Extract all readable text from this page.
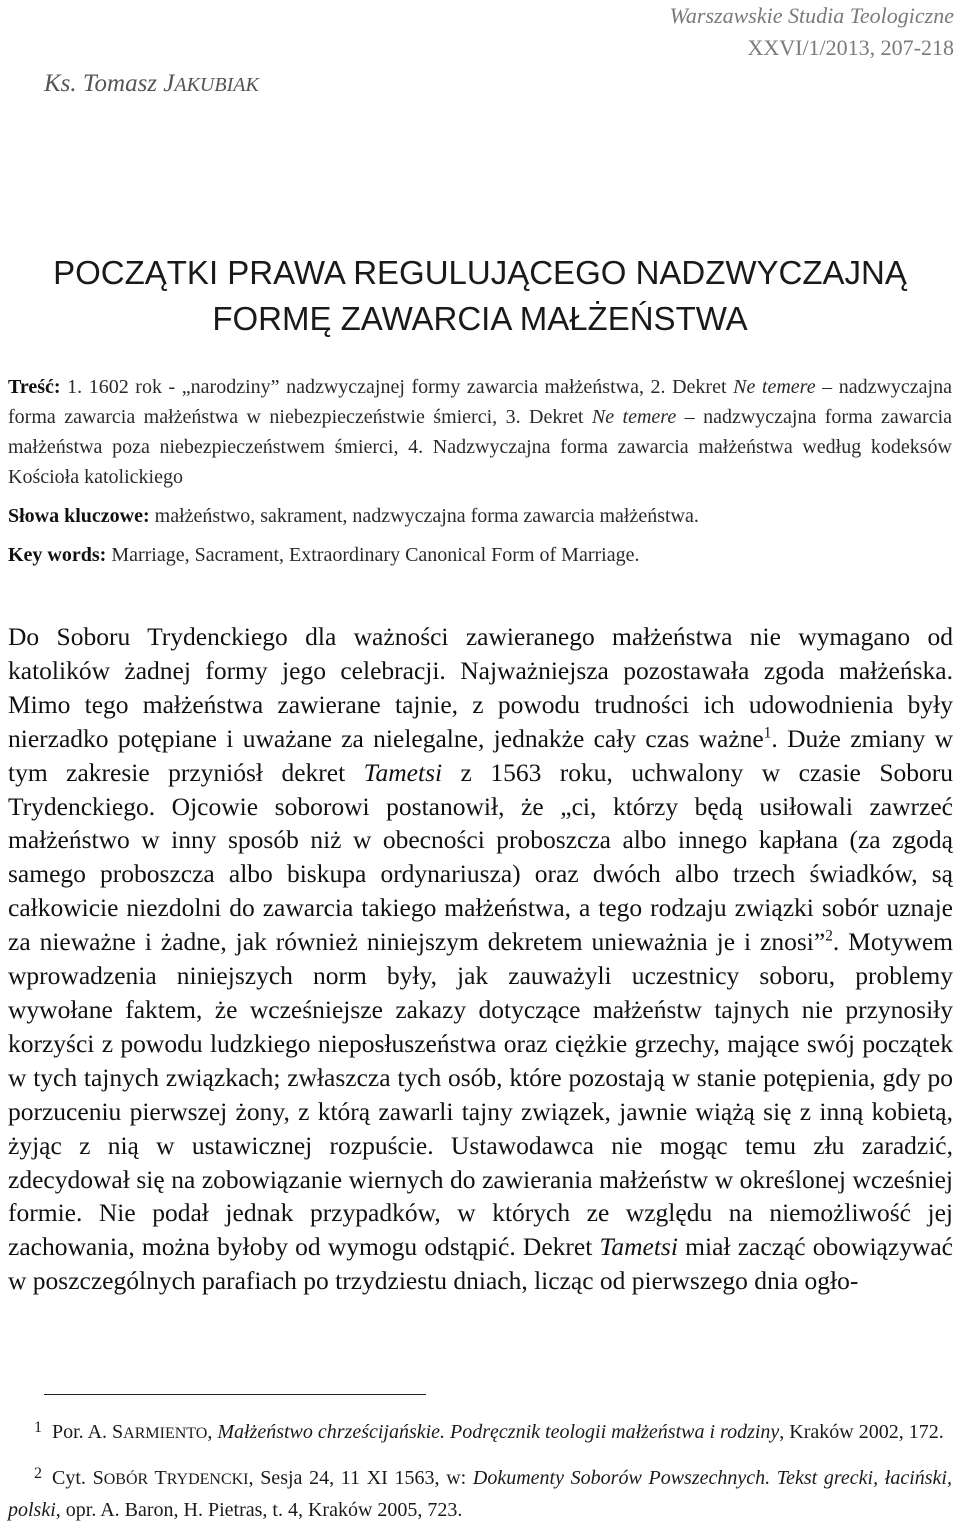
Warszawskie Studia Teologiczne
XXVI/1/2013, 207-218
Ks. Tomasz JAKUBIAK
POCZĄTKI PRAWA REGULUJĄCEGO NADZWYCZAJNĄ
FORMĘ ZAWARCIA MAŁŻEŃSTWA
Treść: 1. 1602 rok - „narodziny” nadzwyczajnej formy zawarcia małżeństwa, 2. Dekret Ne temere – nadzwyczajna forma zawarcia małżeństwa w niebezpieczeństwie śmierci, 3. Dekret Ne temere – nadzwyczajna forma zawarcia małżeństwa poza niebezpieczeństwem śmierci, 4. Nadzwyczajna forma zawarcia małżeństwa według kodeksów Kościoła katolickiego
Słowa kluczowe: małżeństwo, sakrament, nadzwyczajna forma zawarcia małżeństwa.
Key words: Marriage, Sacrament, Extraordinary Canonical Form of Marriage.

Do Soboru Trydenckiego dla ważności zawieranego małżeństwa nie wymagano od katolików żadnej formy jego celebracji. Najważniejsza pozostawała zgoda małżeńska. Mimo tego małżeństwa zawierane tajnie, z powodu trudności ich udowodnienia były nierzadko potępiane i uważane za nielegalne, jednakże cały czas ważne$^1$. Duże zmiany w tym zakresie przyniósł dekret Tametsi z 1563 roku, uchwalony w czasie Soboru Trydenckiego. Ojcowie soborowi postanowił, że „ci, którzy będą usiłowali zawrzeć małżeństwo w inny sposób niż w obecności proboszcza albo innego kapłana (za zgodą samego proboszcza albo biskupa ordynariusza) oraz dwóch albo trzech świadków, są całkowicie niezdolni do zawarcia takiego małżeństwa, a tego rodzaju związki sobór uznaje za nieważne i żadne, jak również niniejszym dekretem unieważnia je i znosi”$^2$. Motywem wprowadzenia niniejszych norm były, jak zauważyli uczestnicy soboru, problemy wywołane faktem, że wcześniejsze zakazy dotyczące małżeństw tajnych nie przynosiły korzyści z powodu ludzkiego nieposłuszeństwa oraz ciężkie grzechy, mające swój początek w tych tajnych związkach; zwłaszcza tych osób, które pozostają w stanie potępienia, gdy po porzuceniu pierwszej żony, z którą zawarli tajny związek, jawnie wiążą się z inną kobietą, żyjąc z nią w ustawicznej rozpuście. Ustawodawca nie mogąc temu złu zaradzić, zdecydował się na zobowiązanie wiernych do zawierania małżeństw w określonej wcześniej formie. Nie podał jednak przypadków, w których ze względu na niemożliwość jej zachowania, można byłoby od wymogu odstąpić. Dekret Tametsi miał zacząć obowiązywać w poszczególnych parafiach po trzydziestu dniach, licząc od pierwszego dnia ogło-

1 Por. A. SARMIENTO, Małżeństwo chrześcijańskie. Podręcznik teologii małżeństwa i rodziny, Kraków 2002, 172.

2 Cyt. SOBÓR TRYDENCKI, Sesja 24, 11 XI 1563, w: Dokumenty Soborów Powszechnych. Tekst grecki, łaciński, polski, opr. A. Baron, H. Pietras, t. 4, Kraków 2005, 723.
